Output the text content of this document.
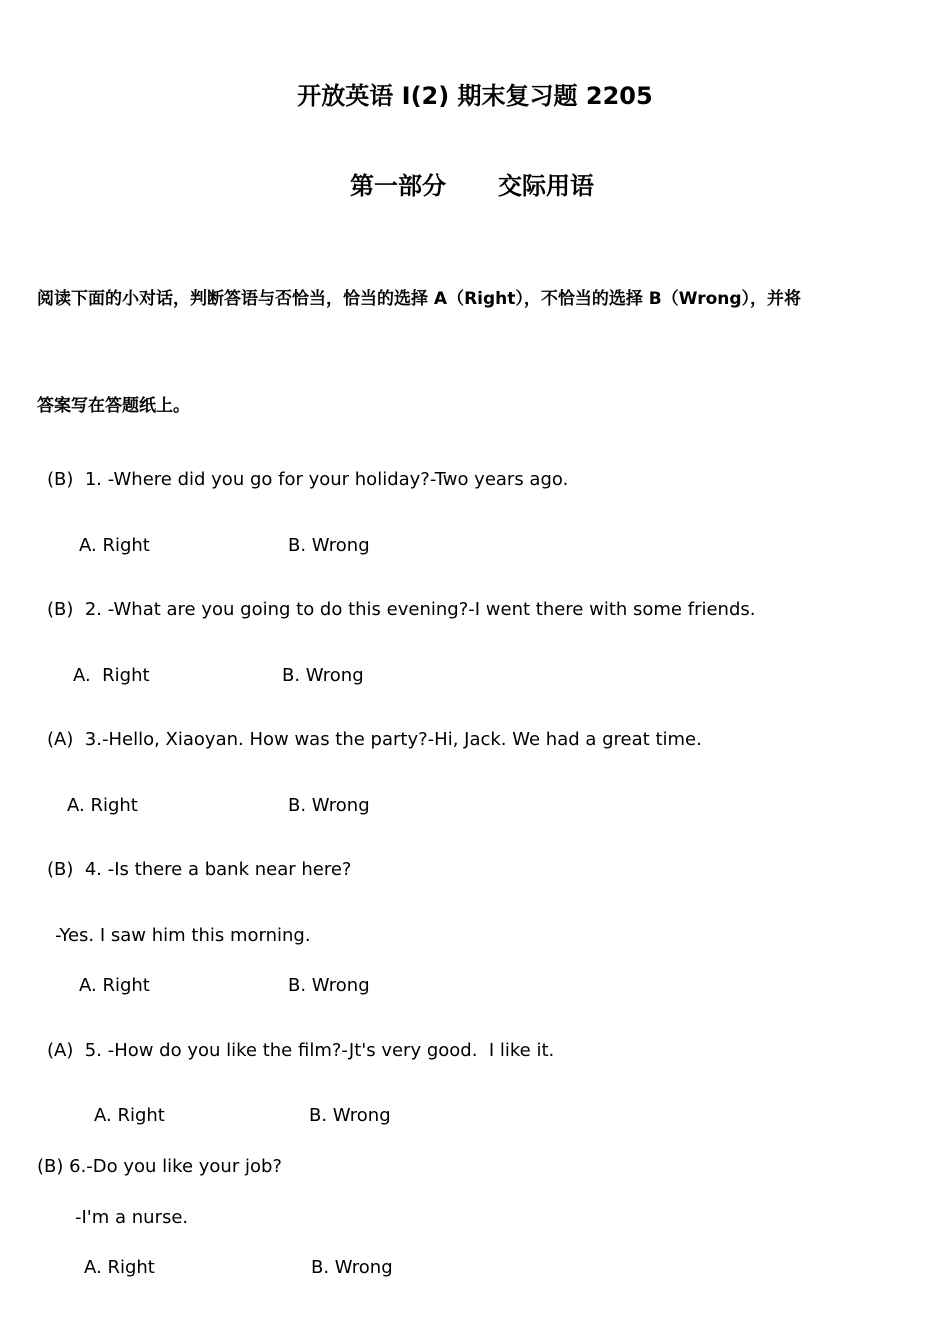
开放英语 I(2) 期末复习题 2205
第一部分 交际用语
阅读下面的小对话，判断答语与否恰当，恰当的选择 A（Right），不恰当的选择 B（Wrong），并将
答案写在答题纸上。
(B)  1. -Where did you go for your holiday?-Two years ago.
A. Right	B. Wrong
(B)  2. -What are you going to do this evening?-I went there with some friends.
A.  Right	B. Wrong
(A)  3.-Hello, Xiaoyan. How was the party?-Hi, Jack. We had a great time.
A. Right	B. Wrong
(B)  4. -Is there a bank near here?
-Yes. I saw him this morning.
A. Right	B. Wrong
(A)  5. -How do you like the film?-Jt's very good.  I like it.
A. Right	B. Wrong
(B) 6.-Do you like your job?
-I'm a nurse.
A. Right	B. Wrong
